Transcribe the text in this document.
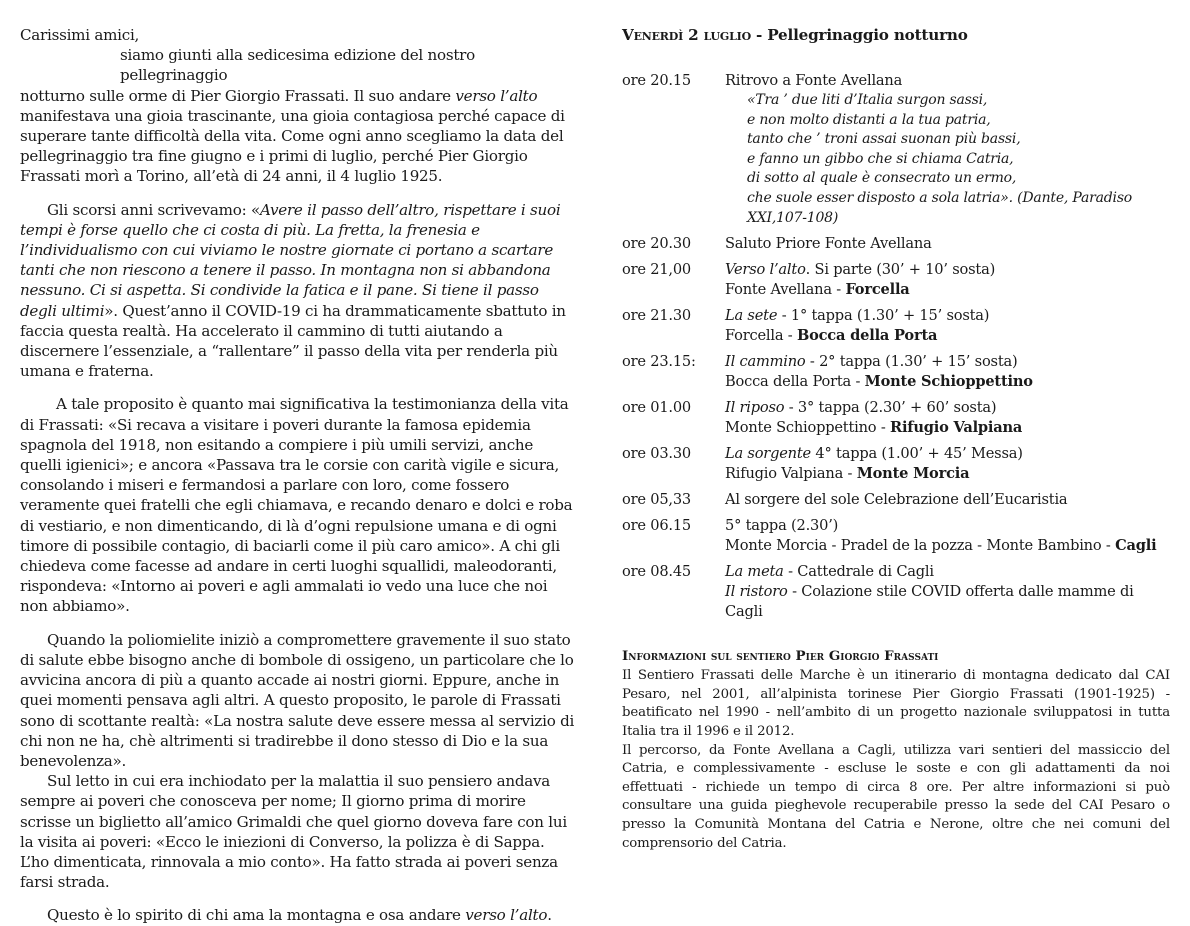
Carissimi amici,

siamo giunti alla sedicesima edizione del nostro pellegrinaggio

notturno sulle orme di Pier Giorgio Frassati. Il suo andare verso l’alto manifestava una gioia trascinante, una gioia contagiosa perché capace di superare tante difficoltà della vita. Come ogni anno scegliamo la data del pellegrinaggio tra fine giugno e i primi di luglio, perché Pier Giorgio Frassati morì a Torino, all’età di 24 anni, il 4 luglio 1925.

Gli scorsi anni scrivevamo: «Avere il passo dell’altro, rispettare i suoi tempi è forse quello che ci costa di più. La fretta, la frenesia e l’individualismo con cui viviamo le nostre giornate ci portano a scartare tanti che non riescono a tenere il passo. In montagna non si abbandona nessuno. Ci si aspetta. Si condivide la fatica e il pane. Si tiene il passo degli ultimi». Quest’anno il COVID-19 ci ha drammaticamente sbattuto in faccia questa realtà. Ha accelerato il cammino di tutti aiutando a discernere l’essenziale, a “rallentare” il passo della vita per renderla più umana e fraterna.

A tale proposito è quanto mai significativa la testimonianza della vita di Frassati: «Si recava a visitare i poveri durante la famosa epidemia spagnola del 1918, non esitando a compiere i più umili servizi, anche quelli igienici»; e ancora «Passava tra le corsie con carità vigile e sicura, consolando i miseri e fermandosi a parlare con loro, come fossero veramente quei fratelli che egli chiamava, e recando denaro e dolci e roba di vestiario, e non dimenticando, di là d’ogni repulsione umana e di ogni timore di possibile contagio, di baciarli come il più caro amico». A chi gli chiedeva come facesse ad andare in certi luoghi squallidi, maleodoranti, rispondeva: «Intorno ai poveri e agli ammalati io vedo una luce che noi non abbiamo».

Quando la poliomielite iniziò a compromettere gravemente il suo stato di salute ebbe bisogno anche di bombole di ossigeno, un particolare che lo avvicina ancora di più a quanto accade ai nostri giorni. Eppure, anche in quei momenti pensava agli altri. A questo proposito, le parole di Frassati sono di scottante realtà: «La nostra salute deve essere messa al servizio di chi non ne ha, chè altrimenti si tradirebbe il dono stesso di Dio e la sua benevolenza».

Sul letto in cui era inchiodato per la malattia il suo pensiero andava sempre ai poveri che conosceva per nome; Il giorno prima di morire scrisse un biglietto all’amico Grimaldi che quel giorno doveva fare con lui la visita ai poveri: «Ecco le iniezioni di Converso, la polizza è di Sappa. L’ho dimenticata, rinnovala a mio conto». Ha fatto strada ai poveri senza farsi strada.

Questo è lo spirito di chi ama la montagna e osa andare verso l’alto.

Venerdì 2 luglio - Pellegrinaggio notturno
ore 20.15	Ritrovo a Fonte Avellana
«Tra ’ due liti d’Italia surgon sassi,
e non molto distanti a la tua patria,
tanto che ’ troni assai suonan più bassi,
e fanno un gibbo che si chiama Catria,
di sotto al quale è consecrato un ermo,
che suole esser disposto a sola latria». (Dante, Paradiso XXI,107-108)
ore 20.30	Saluto Priore Fonte Avellana
ore 21,00	Verso l’alto. Si parte (30’ + 10’ sosta)
Fonte Avellana - Forcella
ore 21.30	La sete - 1° tappa (1.30’ + 15’ sosta)
Forcella - Bocca della Porta
ore 23.15:	Il cammino - 2° tappa (1.30’ + 15’ sosta)
Bocca della Porta - Monte Schioppettino
ore 01.00	Il riposo - 3° tappa (2.30’ + 60’ sosta)
Monte Schioppettino - Rifugio Valpiana
ore 03.30	La sorgente 4° tappa (1.00’ + 45’ Messa)
Rifugio Valpiana - Monte Morcia
ore 05,33	Al sorgere del sole Celebrazione dell’Eucaristia
ore 06.15	5° tappa (2.30’)
Monte Morcia - Pradel de la pozza - Monte Bambino - Cagli
ore 08.45	La meta - Cattedrale di Cagli
Il ristoro - Colazione stile COVID offerta dalle mamme di Cagli
Informazioni sul sentiero Pier Giorgio Frassati

Il Sentiero Frassati delle Marche è un itinerario di montagna dedicato dal CAI Pesaro, nel 2001, all’alpinista torinese Pier Giorgio Frassati (1901-1925) - beatificato nel 1990 - nell’ambito di un progetto nazionale sviluppatosi in tutta Italia tra il 1996 e il 2012.

Il percorso, da Fonte Avellana a Cagli, utilizza vari sentieri del massiccio del Catria, e complessivamente - escluse le soste e con gli adattamenti da noi effettuati - richiede un tempo di circa 8 ore. Per altre informazioni si può consultare una guida pieghevole recuperabile presso la sede del CAI Pesaro o presso la Comunità Montana del Catria e Nerone, oltre che nei comuni del comprensorio del Catria.
